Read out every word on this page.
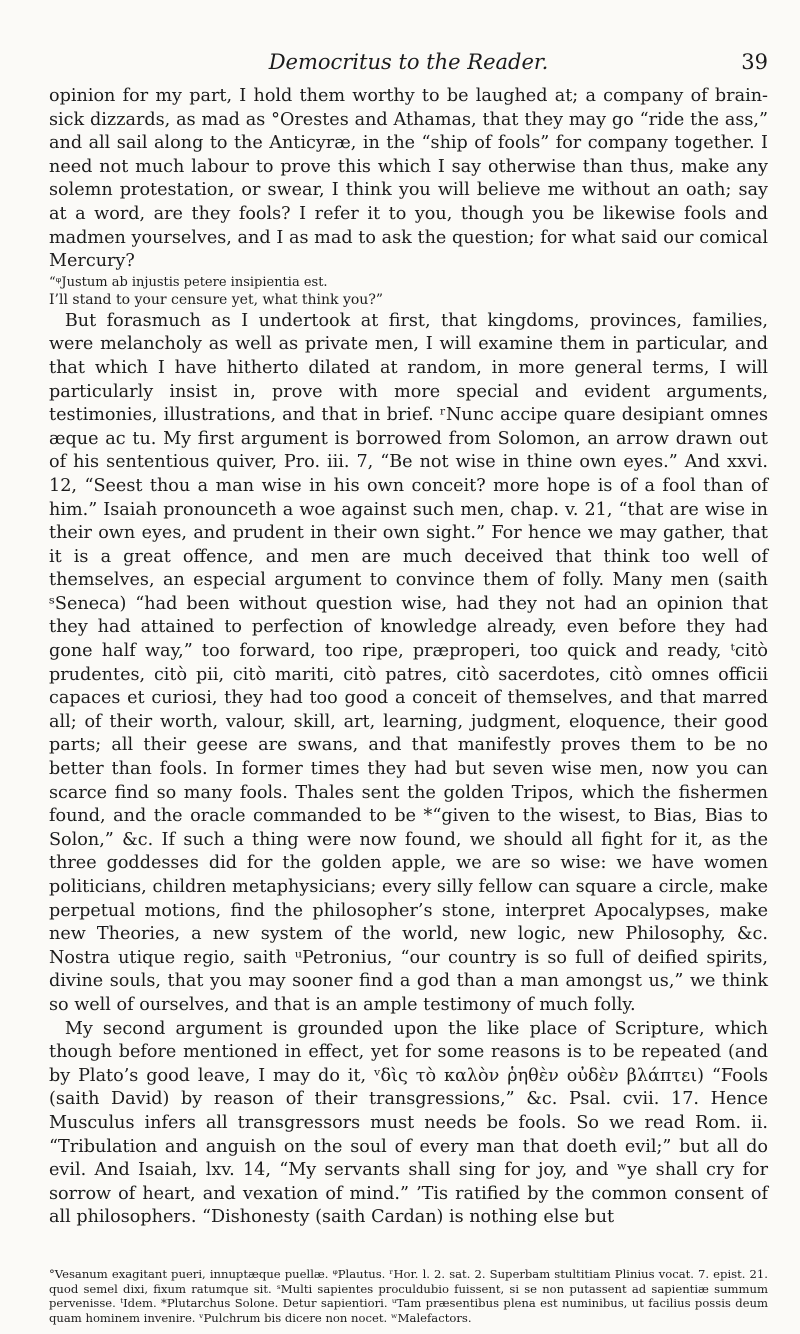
Democritus to the Reader.	39

opinion for my part, I hold them worthy to be laughed at; a company of brain-sick dizzards, as mad as °Orestes and Athamas, that they may go “ride the ass,” and all sail along to the Anticyræ, in the “ship of fools” for company together. I need not much labour to prove this which I say otherwise than thus, make any solemn protestation, or swear, I think you will believe me without an oath; say at a word, are they fools? I refer it to you, though you be likewise fools and madmen yourselves, and I as mad to ask the question; for what said our comical Mercury?

“ᵠJustum ab injustis petere insipientia est.

I’ll stand to your censure yet, what think you?”

But forasmuch as I undertook at first, that kingdoms, provinces, families, were melancholy as well as private men, I will examine them in particular, and that which I have hitherto dilated at random, in more general terms, I will particularly insist in, prove with more special and evident arguments, testimonies, illustrations, and that in brief. ʳNunc accipe quare desipiant omnes æque ac tu. My first argument is borrowed from Solomon, an arrow drawn out of his sententious quiver, Pro. iii. 7, “Be not wise in thine own eyes.” And xxvi. 12, “Seest thou a man wise in his own conceit? more hope is of a fool than of him.” Isaiah pronounceth a woe against such men, chap. v. 21, “that are wise in their own eyes, and prudent in their own sight.” For hence we may gather, that it is a great offence, and men are much deceived that think too well of themselves, an especial argument to convince them of folly. Many men (saith ˢSeneca) “had been without question wise, had they not had an opinion that they had attained to perfection of knowledge already, even before they had gone half way,” too forward, too ripe, præproperi, too quick and ready, ᵗcitò prudentes, citò pii, citò mariti, citò patres, citò sacerdotes, citò omnes officii capaces et curiosi, they had too good a conceit of themselves, and that marred all; of their worth, valour, skill, art, learning, judgment, eloquence, their good parts; all their geese are swans, and that manifestly proves them to be no better than fools. In former times they had but seven wise men, now you can scarce find so many fools. Thales sent the golden Tripos, which the fishermen found, and the oracle commanded to be *“given to the wisest, to Bias, Bias to Solon,” &c. If such a thing were now found, we should all fight for it, as the three goddesses did for the golden apple, we are so wise: we have women politicians, children metaphysicians; every silly fellow can square a circle, make perpetual motions, find the philosopher’s stone, interpret Apocalypses, make new Theories, a new system of the world, new logic, new Philosophy, &c. Nostra utique regio, saith ᵘPetronius, “our country is so full of deified spirits, divine souls, that you may sooner find a god than a man amongst us,” we think so well of ourselves, and that is an ample testimony of much folly.

My second argument is grounded upon the like place of Scripture, which though before mentioned in effect, yet for some reasons is to be repeated (and by Plato’s good leave, I may do it, ᵛδὶς τὸ καλὸν ῥηθὲν οὐδὲν βλάπτει) “Fools (saith David) by reason of their transgressions,” &c. Psal. cvii. 17. Hence Musculus infers all transgressors must needs be fools. So we read Rom. ii. “Tribulation and anguish on the soul of every man that doeth evil;” but all do evil. And Isaiah, lxv. 14, “My servants shall sing for joy, and ʷye shall cry for sorrow of heart, and vexation of mind.” ’Tis ratified by the common consent of all philosophers. “Dishonesty (saith Cardan) is nothing else but

°Vesanum exagitant pueri, innuptæque puellæ. ᵠPlautus. ʳHor. l. 2. sat. 2. Superbam stultitiam Plinius vocat. 7. epist. 21. quod semel dixi, fixum ratumque sit. ˢMulti sapientes proculdubio fuissent, si se non putassent ad sapientiæ summum pervenisse. ᵗIdem. *Plutarchus Solone. Detur sapientiori. ᵘTam præsentibus plena est numinibus, ut facilius possis deum quam hominem invenire. ᵛPulchrum bis dicere non nocet. ʷMalefactors.
